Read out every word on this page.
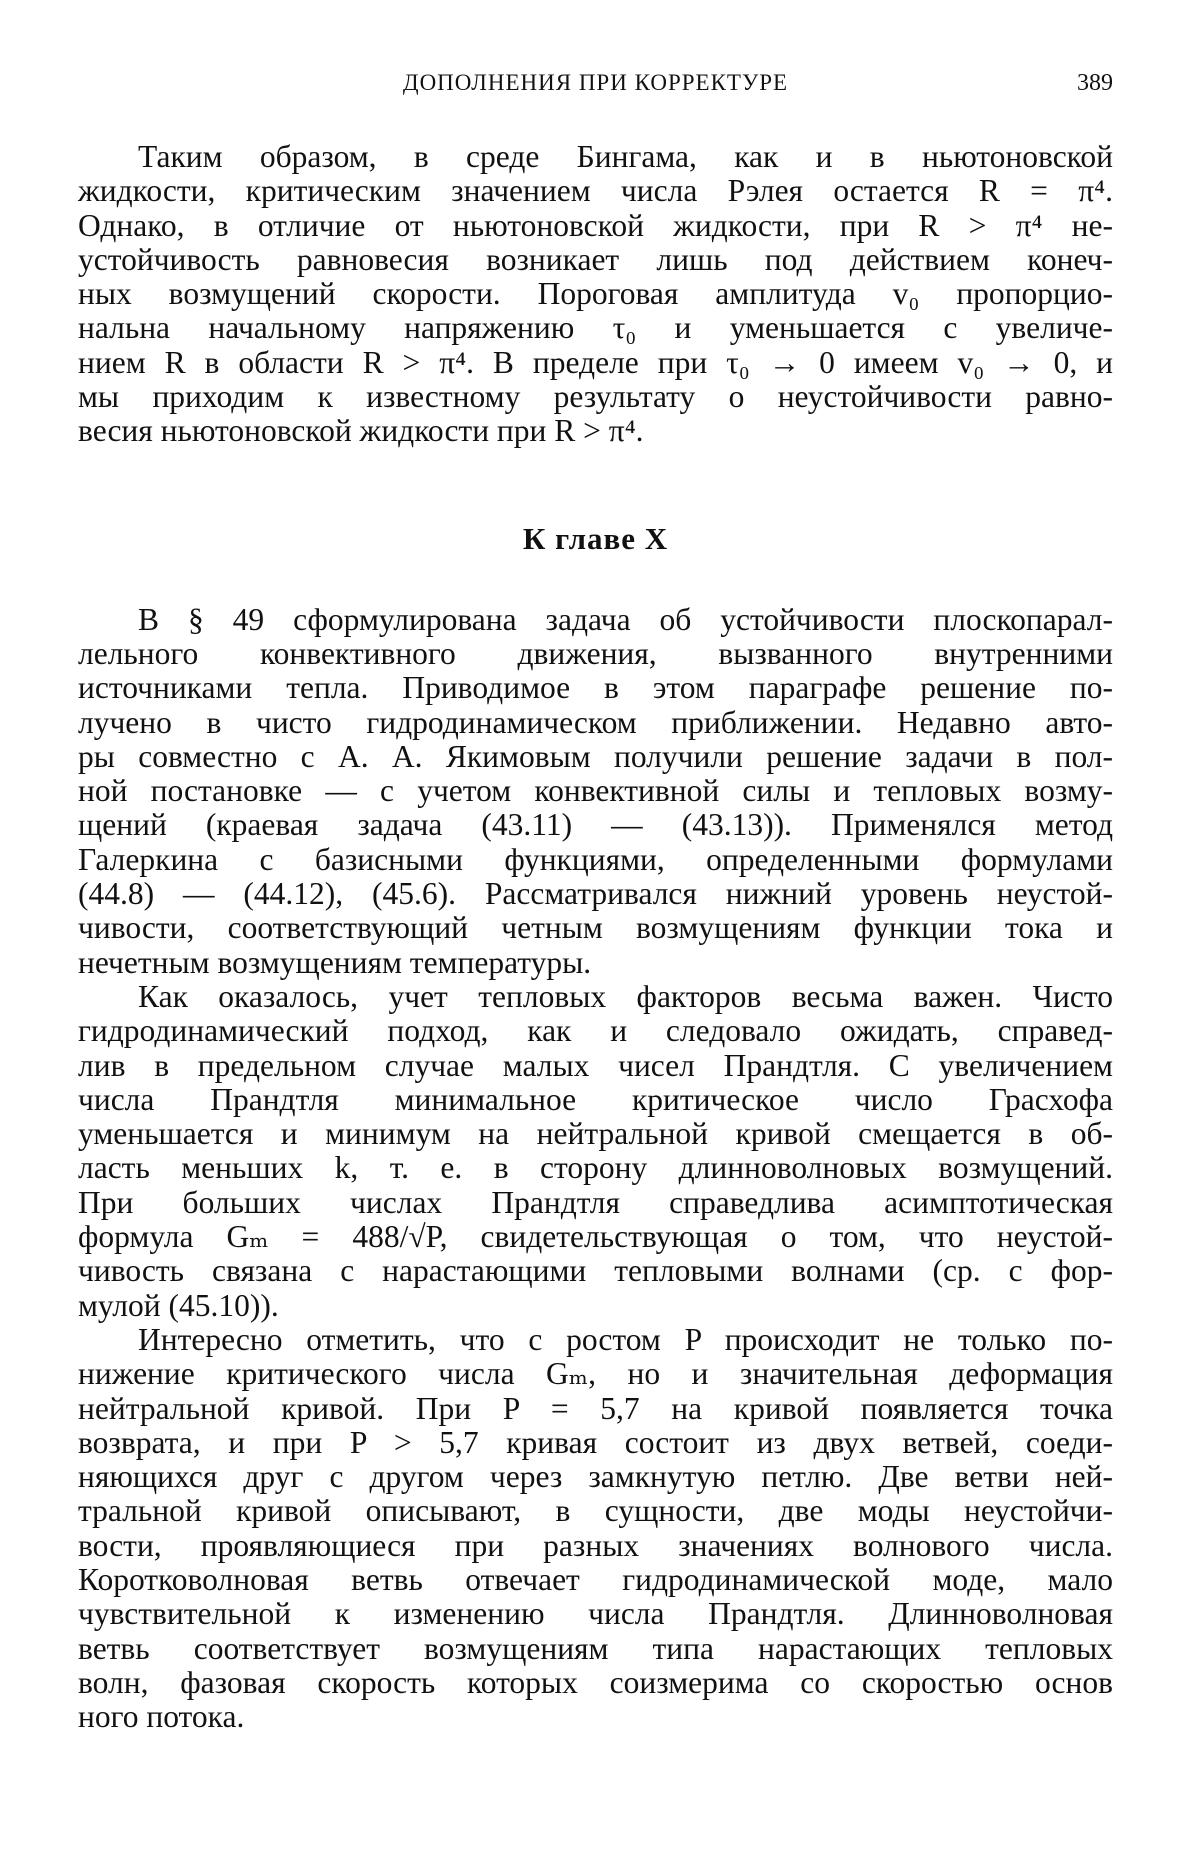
ДОПОЛНЕНИЯ ПРИ КОРРЕКТУРЕ	389

Таким образом, в среде Бингама, как и в ньютоновской
жидкости, критическим значением числа Рэлея остается R = π⁴.
Однако, в отличие от ньютоновской жидкости, при R > π⁴ не-
устойчивость равновесия возникает лишь под действием конеч-
ных возмущений скорости. Пороговая амплитуда v₀ пропорцио-
нальна начальному напряжению τ₀ и уменьшается с увеличе-
нием R в области R > π⁴. В пределе при τ₀ → 0 имеем v₀ → 0, и
мы приходим к известному результату о неустойчивости равно-
весия ньютоновской жидкости при R > π⁴.

К главе X

В § 49 сформулирована задача об устойчивости плоскопарал-
лельного конвективного движения, вызванного внутренними
источниками тепла. Приводимое в этом параграфе решение по-
лучено в чисто гидродинамическом приближении. Недавно авто-
ры совместно с А. А. Якимовым получили решение задачи в пол-
ной постановке — с учетом конвективной силы и тепловых возму-
щений (краевая задача (43.11) — (43.13)). Применялся метод
Галеркина с базисными функциями, определенными формулами
(44.8) — (44.12), (45.6). Рассматривался нижний уровень неустой-
чивости, соответствующий четным возмущениям функции тока и
нечетным возмущениям температуры.

Как оказалось, учет тепловых факторов весьма важен. Чисто
гидродинамический подход, как и следовало ожидать, справед-
лив в предельном случае малых чисел Прандтля. С увеличением
числа Прандтля минимальное критическое число Грасхофа
уменьшается и минимум на нейтральной кривой смещается в об-
ласть меньших k, т. е. в сторону длинноволновых возмущений.
При больших числах Прандтля справедлива асимптотическая
формула Gₘ = 488/√P, свидетельствующая о том, что неустой-
чивость связана с нарастающими тепловыми волнами (ср. с фор-
мулой (45.10)).

Интересно отметить, что с ростом P происходит не только по-
нижение критического числа Gₘ, но и значительная деформация
нейтральной кривой. При P = 5,7 на кривой появляется точка
возврата, и при P > 5,7 кривая состоит из двух ветвей, соеди-
няющихся друг с другом через замкнутую петлю. Две ветви ней-
тральной кривой описывают, в сущности, две моды неустойчи-
вости, проявляющиеся при разных значениях волнового числа.
Коротковолновая ветвь отвечает гидродинамической моде, мало
чувствительной к изменению числа Прандтля. Длинноволновая
ветвь соответствует возмущениям типа нарастающих тепловых
волн, фазовая скорость которых соизмерима со скоростью основ
ного потока.
